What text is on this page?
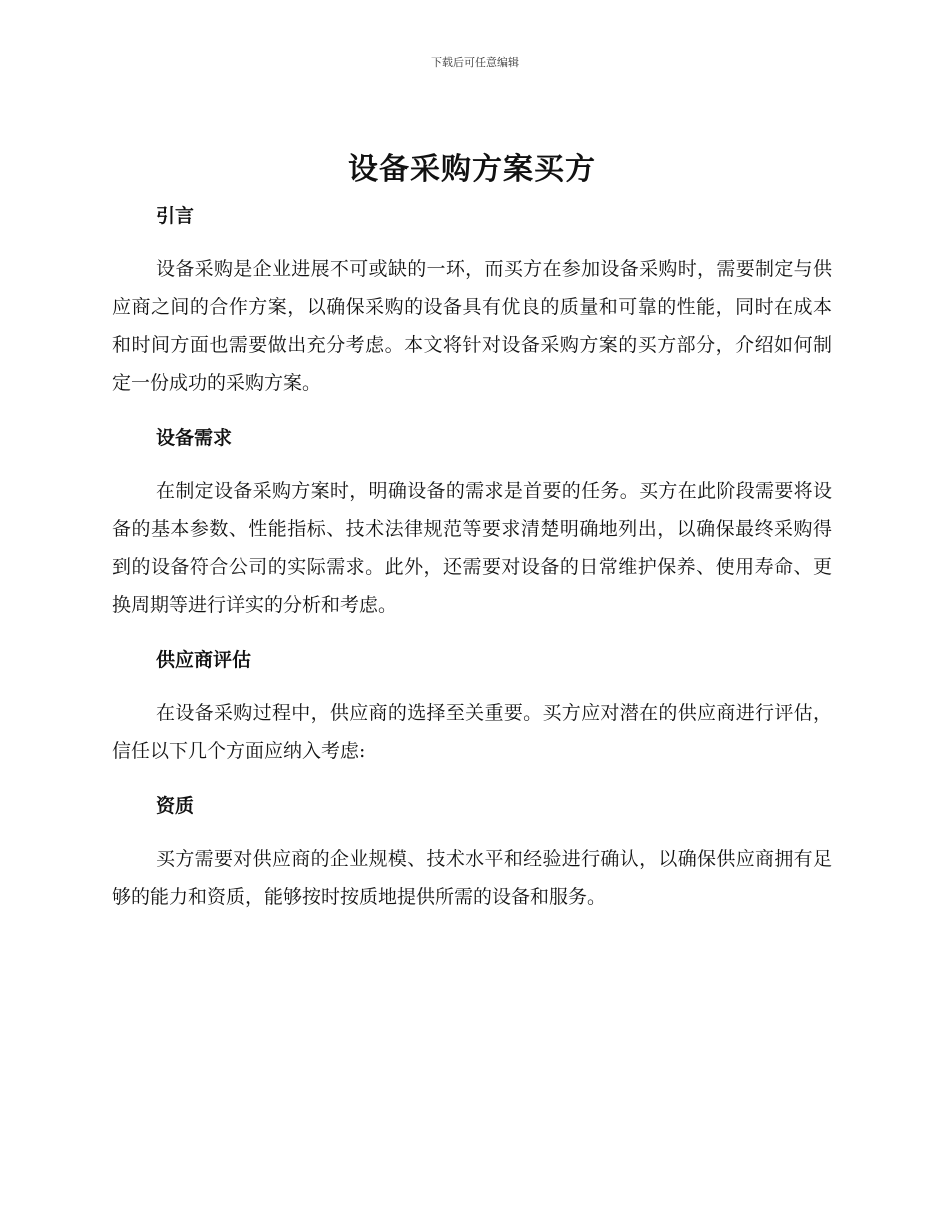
下载后可任意编辑
设备采购方案买方
引言

设备采购是企业进展不可或缺的一环，而买方在参加设备采购时，需要制定与供应商之间的合作方案，以确保采购的设备具有优良的质量和可靠的性能，同时在成本和时间方面也需要做出充分考虑。本文将针对设备采购方案的买方部分，介绍如何制定一份成功的采购方案。

设备需求

在制定设备采购方案时，明确设备的需求是首要的任务。买方在此阶段需要将设备的基本参数、性能指标、技术法律规范等要求清楚明确地列出，以确保最终采购得到的设备符合公司的实际需求。此外，还需要对设备的日常维护保养、使用寿命、更换周期等进行详实的分析和考虑。

供应商评估

在设备采购过程中，供应商的选择至关重要。买方应对潜在的供应商进行评估，信任以下几个方面应纳入考虑:

资质

买方需要对供应商的企业规模、技术水平和经验进行确认，以确保供应商拥有足够的能力和资质，能够按时按质地提供所需的设备和服务。
